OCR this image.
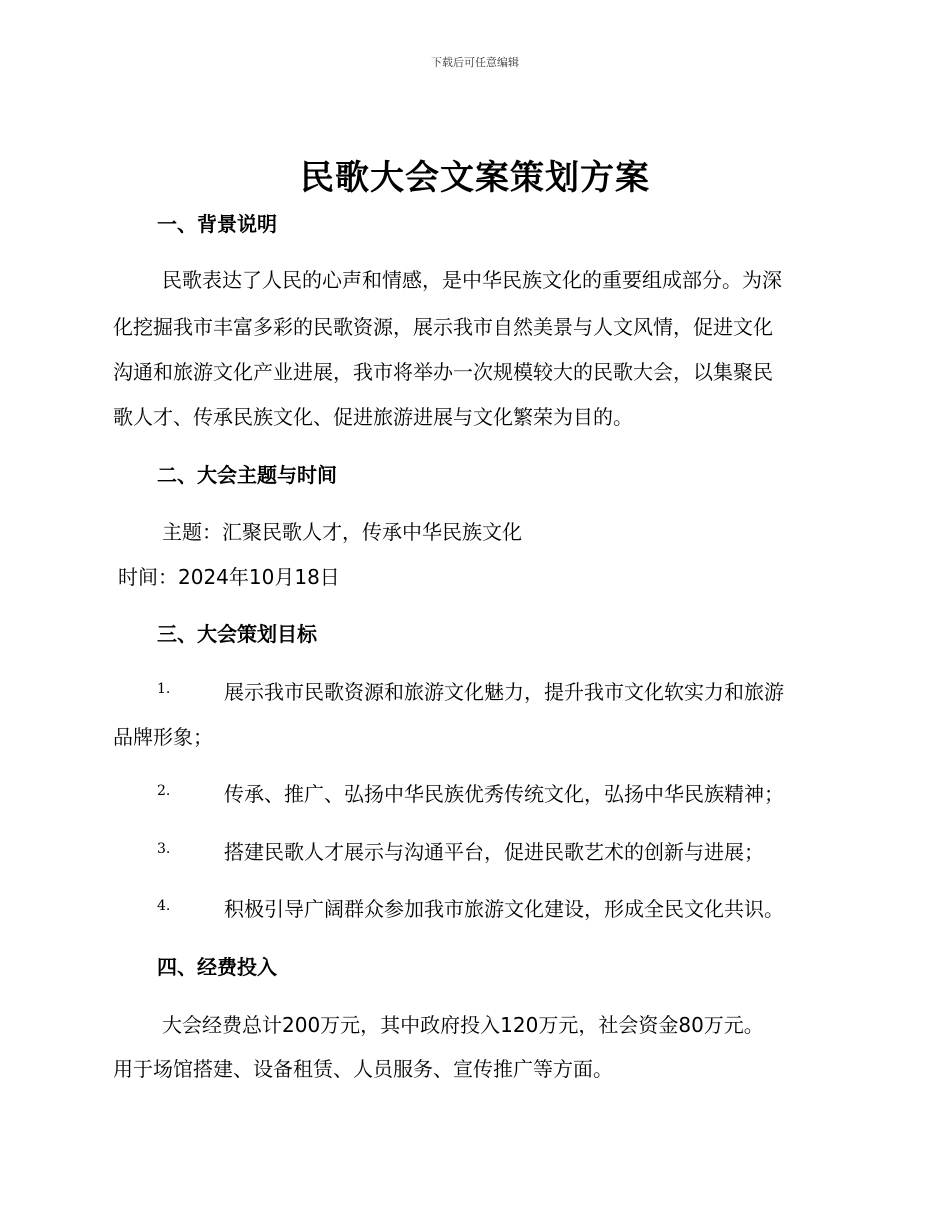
下载后可任意编辑
民歌大会文案策划方案
一、背景说明
民歌表达了人民的心声和情感，是中华民族文化的重要组成部分。为深
化挖掘我市丰富多彩的民歌资源，展示我市自然美景与人文风情，促进文化
沟通和旅游文化产业进展，我市将举办一次规模较大的民歌大会，以集聚民
歌人才、传承民族文化、促进旅游进展与文化繁荣为目的。
二、大会主题与时间
主题：汇聚民歌人才，传承中华民族文化
时间：2024年10月18日
三、大会策划目标
1.	展示我市民歌资源和旅游文化魅力，提升我市文化软实力和旅游
品牌形象；
2.	传承、推广、弘扬中华民族优秀传统文化，弘扬中华民族精神；
3.	搭建民歌人才展示与沟通平台，促进民歌艺术的创新与进展；
4.	积极引导广阔群众参加我市旅游文化建设，形成全民文化共识。
四、经费投入
大会经费总计200万元，其中政府投入120万元，社会资金80万元。
用于场馆搭建、设备租赁、人员服务、宣传推广等方面。
